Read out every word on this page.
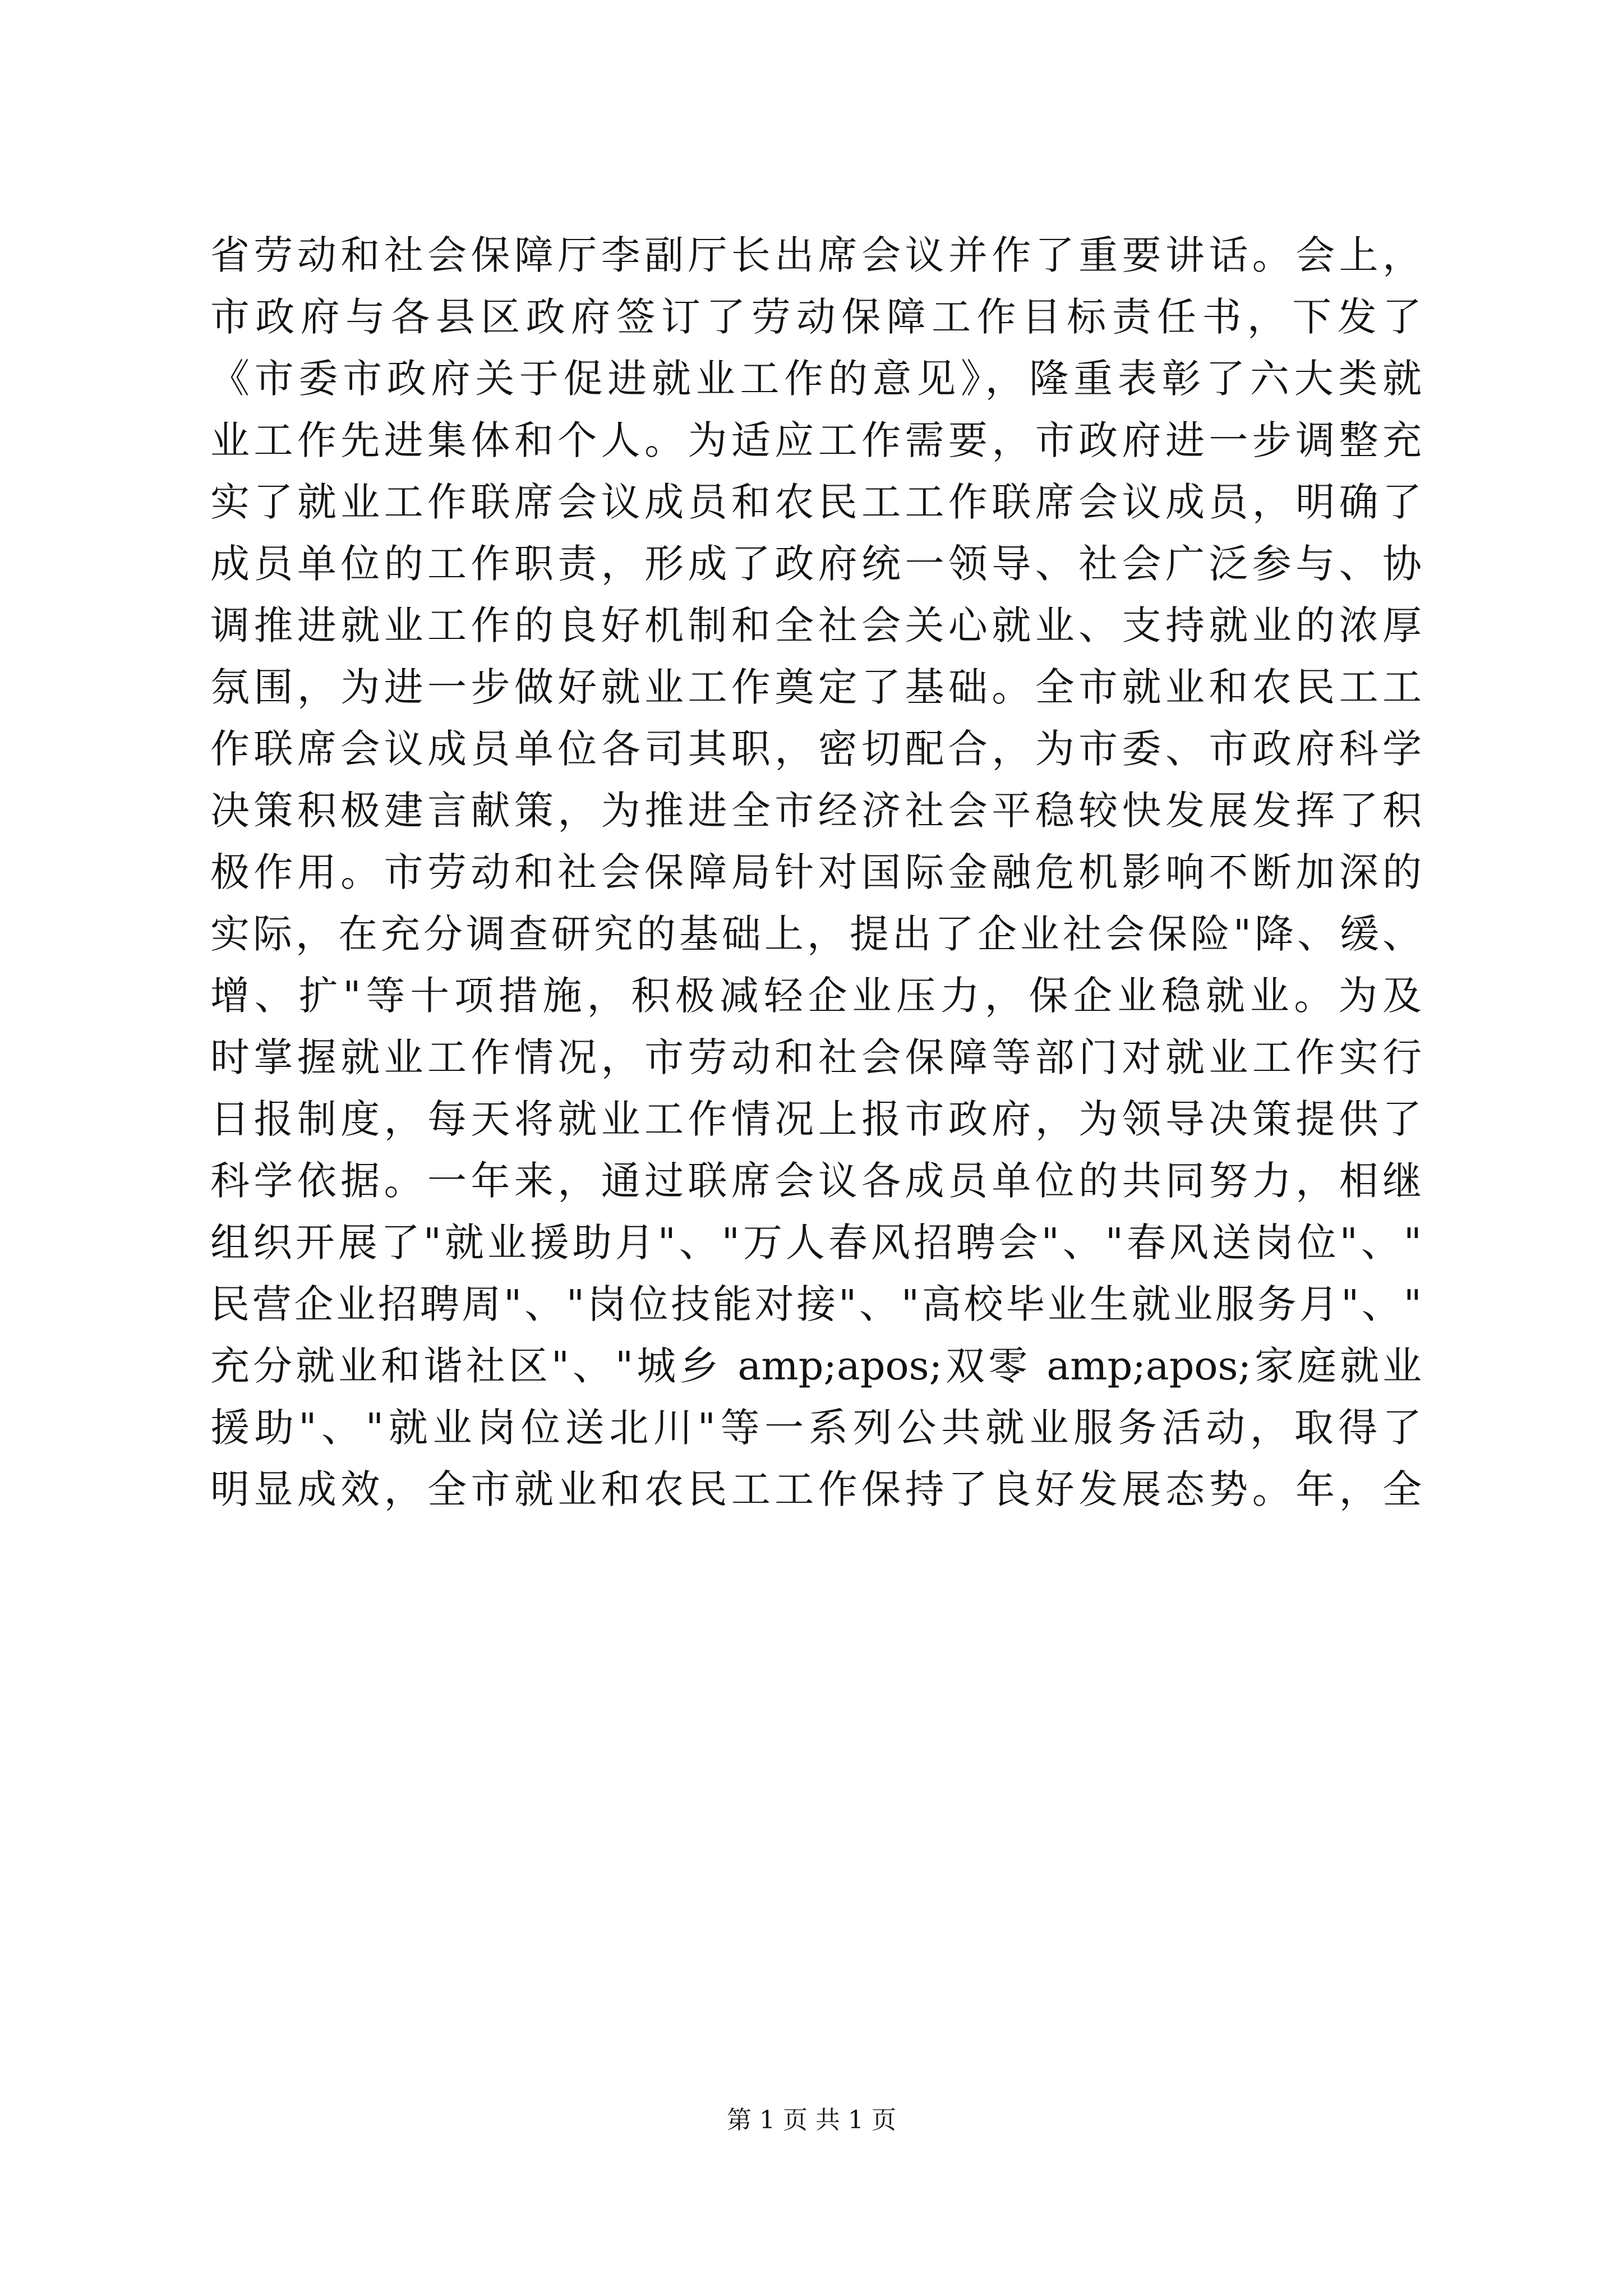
省劳动和社会保障厅李副厅长出席会议并作了重要讲话。会上，
市政府与各县区政府签订了劳动保障工作目标责任书，下发了
《市委市政府关于促进就业工作的意见》，隆重表彰了六大类就
业工作先进集体和个人。为适应工作需要，市政府进一步调整充
实了就业工作联席会议成员和农民工工作联席会议成员，明确了
成员单位的工作职责，形成了政府统一领导、社会广泛参与、协
调推进就业工作的良好机制和全社会关心就业、支持就业的浓厚
氛围，为进一步做好就业工作奠定了基础。全市就业和农民工工
作联席会议成员单位各司其职，密切配合，为市委、市政府科学
决策积极建言献策，为推进全市经济社会平稳较快发展发挥了积
极作用。市劳动和社会保障局针对国际金融危机影响不断加深的
实际，在充分调查研究的基础上，提出了企业社会保险"降、缓、
增、扩"等十项措施，积极减轻企业压力，保企业稳就业。为及
时掌握就业工作情况，市劳动和社会保障等部门对就业工作实行
日报制度，每天将就业工作情况上报市政府，为领导决策提供了
科学依据。一年来，通过联席会议各成员单位的共同努力，相继
组织开展了"就业援助月"、"万人春风招聘会"、"春风送岗位"、"
民营企业招聘周"、"岗位技能对接"、"高校毕业生就业服务月"、"
充分就业和谐社区"、"城乡 amp;apos;双零 amp;apos;家庭就业
援助"、"就业岗位送北川"等一系列公共就业服务活动，取得了
明显成效，全市就业和农民工工作保持了良好发展态势。年，全
第 1 页 共 1 页
